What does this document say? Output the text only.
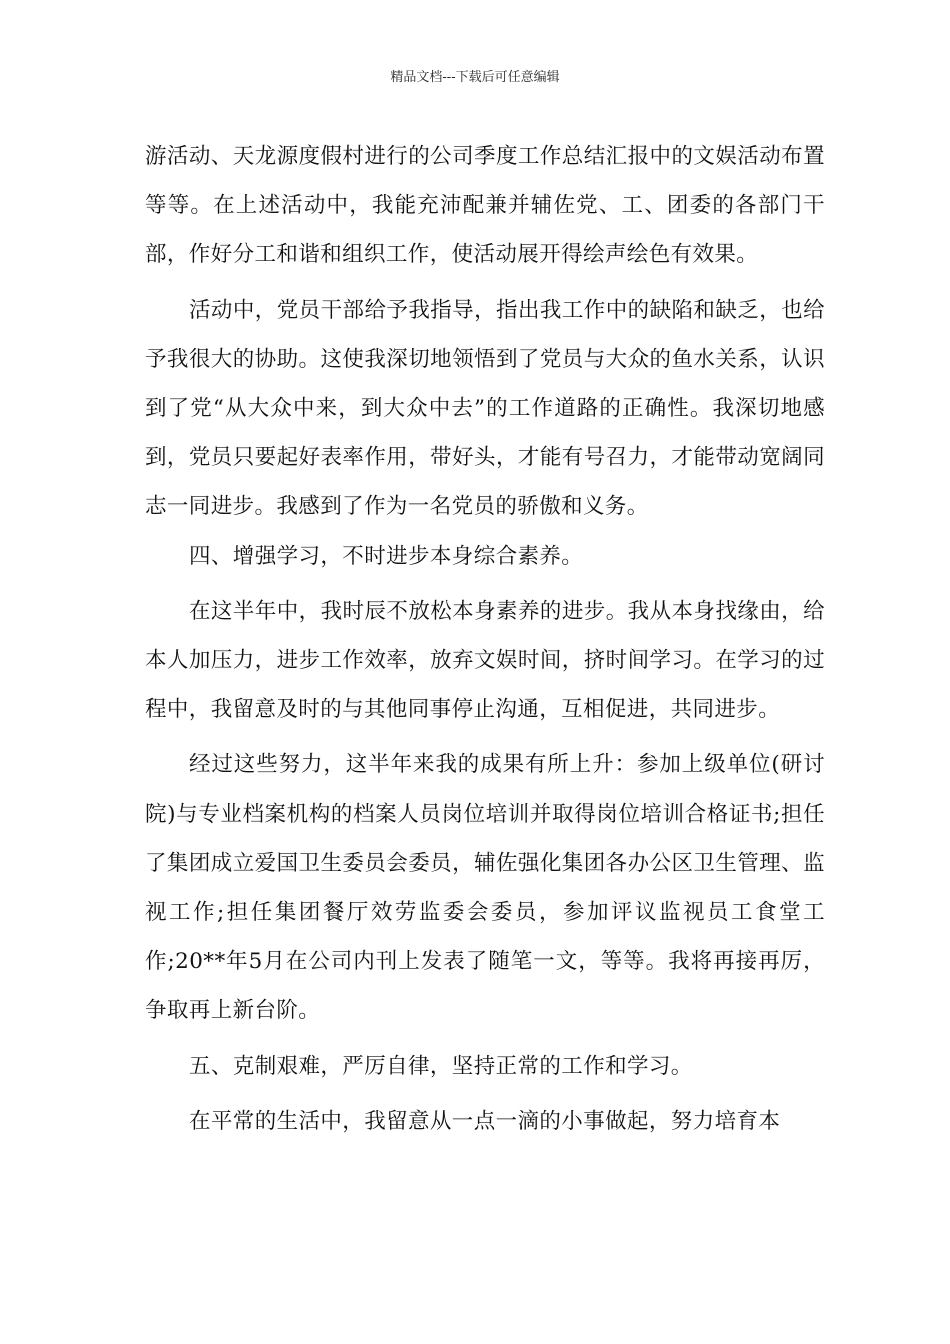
精品文档---下载后可任意编辑

游活动、天龙源度假村进行的公司季度工作总结汇报中的文娱活动布置等等。在上述活动中，我能充沛配兼并辅佐党、工、团委的各部门干部，作好分工和谐和组织工作，使活动展开得绘声绘色有效果。

活动中，党员干部给予我指导，指出我工作中的缺陷和缺乏，也给予我很大的协助。这使我深切地领悟到了党员与大众的鱼水关系，认识到了党“从大众中来，到大众中去”的工作道路的正确性。我深切地感到，党员只要起好表率作用，带好头，才能有号召力，才能带动宽阔同志一同进步。我感到了作为一名党员的骄傲和义务。

四、增强学习，不时进步本身综合素养。

在这半年中，我时辰不放松本身素养的进步。我从本身找缘由，给本人加压力，进步工作效率，放弃文娱时间，挤时间学习。在学习的过程中，我留意及时的与其他同事停止沟通，互相促进，共同进步。

经过这些努力，这半年来我的成果有所上升：参加上级单位(研讨院)与专业档案机构的档案人员岗位培训并取得岗位培训合格证书;担任了集团成立爱国卫生委员会委员，辅佐强化集团各办公区卫生管理、监视工作;担任集团餐厅效劳监委会委员，参加评议监视员工食堂工作;20**年5月在公司内刊上发表了随笔一文，等等。我将再接再厉，争取再上新台阶。

五、克制艰难，严厉自律，坚持正常的工作和学习。

在平常的生活中，我留意从一点一滴的小事做起，努力培育本
